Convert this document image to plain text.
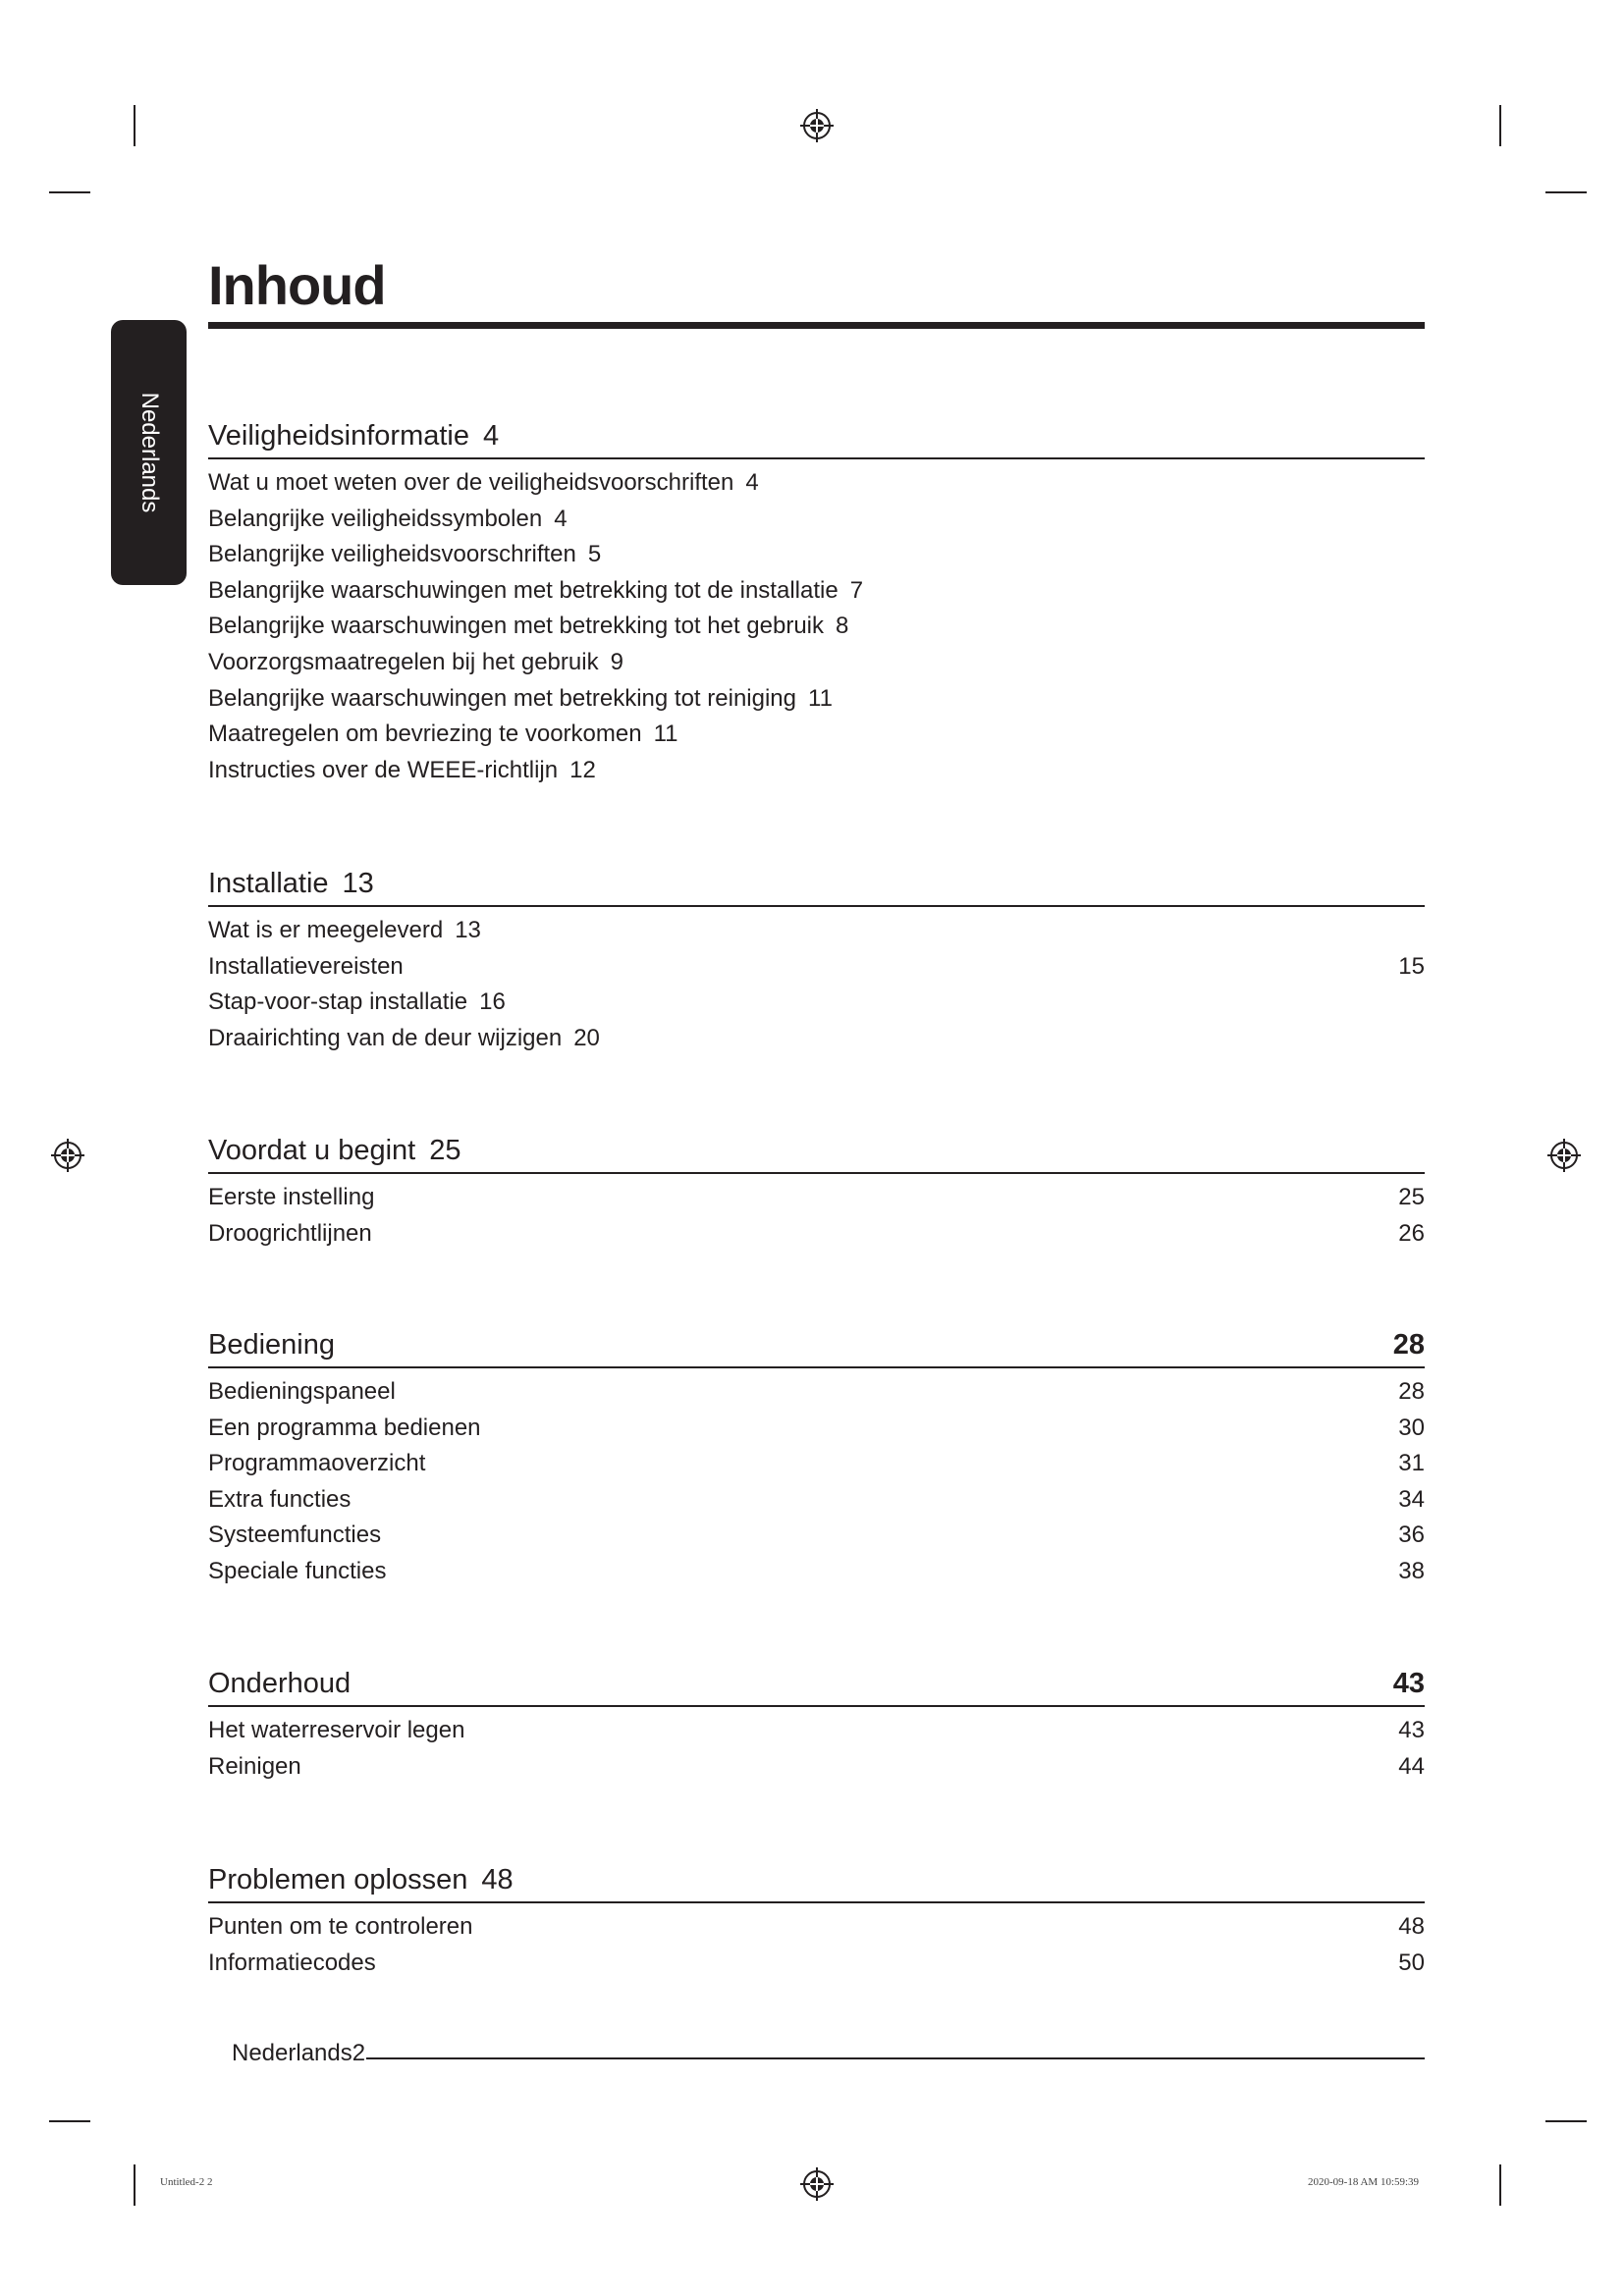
Inhoud
Nederlands Veiligheidsinformatie 4
Wat u moet weten over de veiligheidsvoorschriften 4
Belangrijke veiligheidssymbolen 4
Belangrijke veiligheidsvoorschriften 5
Belangrijke waarschuwingen met betrekking tot de installatie 7
Belangrijke waarschuwingen met betrekking tot het gebruik 8
Voorzorgsmaatregelen bij het gebruik 9
Belangrijke waarschuwingen met betrekking tot reiniging 11
Maatregelen om bevriezing te voorkomen 11
Instructies over de WEEE-richtlijn 12
Installatie 13
Wat is er meegeleverd 13
Installatievereisten	15
Stap-voor-stap installatie 16
Draairichting van de deur wijzigen 20
Voordat u begint 25
Eerste instelling	25
Droogrichtlijnen	26
Bediening	28
Bedieningspaneel	28
Een programma bedienen	30
Programmaoverzicht	31
Extra functies	34
Systeemfuncties	36
Speciale functies	38
Onderhoud	43
Het waterreservoir legen	43
Reinigen	44
Problemen oplossen 48
Punten om te controleren	48
Informatiecodes	50
Nederlands2
Untitled-2 2	2020-09-18 AM 10:59:39
